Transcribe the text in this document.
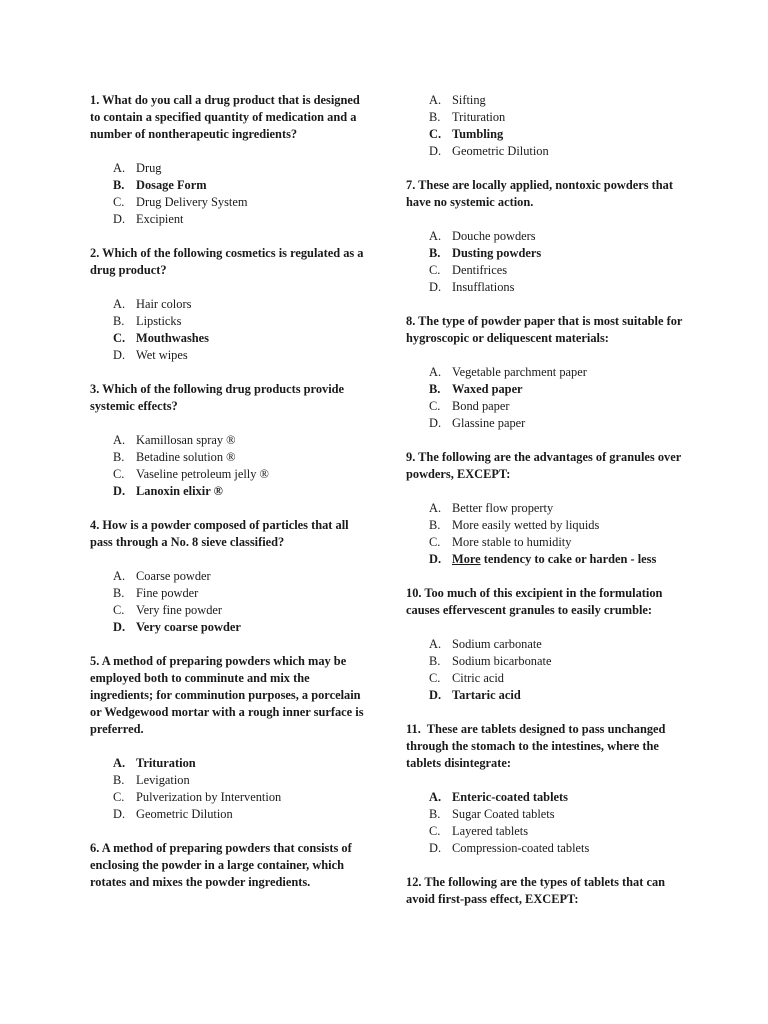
1. What do you call a drug product that is designed to contain a specified quantity of medication and a number of nontherapeutic ingredients?

A. Drug
B. Dosage Form
C. Drug Delivery System
D. Excipient

2. Which of the following cosmetics is regulated as a drug product?

A. Hair colors
B. Lipsticks
C. Mouthwashes
D. Wet wipes

3. Which of the following drug products provide systemic effects?

A. Kamillosan spray ®
B. Betadine solution ®
C. Vaseline petroleum jelly ®
D. Lanoxin elixir ®

4. How is a powder composed of particles that all pass through a No. 8 sieve classified?

A. Coarse powder
B. Fine powder
C. Very fine powder
D. Very coarse powder

5. A method of preparing powders which may be employed both to comminute and mix the ingredients; for comminution purposes, a porcelain or Wedgewood mortar with a rough inner surface is preferred.

A. Trituration
B. Levigation
C. Pulverization by Intervention
D. Geometric Dilution

6. A method of preparing powders that consists of enclosing the powder in a large container, which rotates and mixes the powder ingredients.

A. Sifting
B. Trituration
C. Tumbling
D. Geometric Dilution

7. These are locally applied, nontoxic powders that have no systemic action.

A. Douche powders
B. Dusting powders
C. Dentifrices
D. Insufflations

8. The type of powder paper that is most suitable for hygroscopic or deliquescent materials:

A. Vegetable parchment paper
B. Waxed paper
C. Bond paper
D. Glassine paper

9. The following are the advantages of granules over powders, EXCEPT:

A. Better flow property
B. More easily wetted by liquids
C. More stable to humidity
D. More tendency to cake or harden - less

10. Too much of this excipient in the formulation causes effervescent granules to easily crumble:

A. Sodium carbonate
B. Sodium bicarbonate
C. Citric acid
D. Tartaric acid

11.  These are tablets designed to pass unchanged through the stomach to the intestines, where the tablets disintegrate:

A. Enteric-coated tablets
B. Sugar Coated tablets
C. Layered tablets
D. Compression-coated tablets

12. The following are the types of tablets that can avoid first-pass effect, EXCEPT:
